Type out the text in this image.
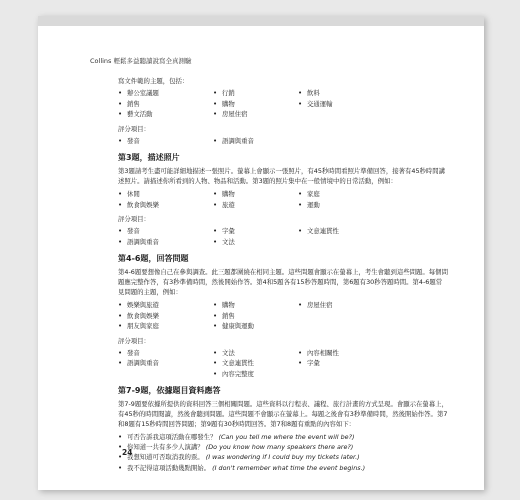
Collins 輕鬆多益聽讀說寫全真測驗
寫文件範的主題，包括：
• 辦公室議題	• 行銷	• 飲料
• 銷售	• 購物	• 交通運輸
• 藝文活動	• 房屋住宿
評分項目：
• 發音	• 語調與重音
第3題，描述照片
第3題請考生盡可能詳細地描述一張照片。螢幕上會顯示一張照片，有45秒時間看照片準備回答，接著有45秒時間講述照片。請描述你所看到的人物、物品和活動。第3題的照片集中在一般情境中的日常活動，例如：
• 休閒	• 購物	• 家庭
• 飲食與娛樂	• 旅遊	• 運動
評分項目：
• 發音	• 字彙	• 文意連貫性
• 語調與重音	• 文法
第4-6題，回答問題
第4-6題要想像自己在參與調查。此三題都圍繞在相同主題。這些問題會顯示在螢幕上，考生會聽到這些問題。每個問題應完整作答，有3秒準備時間，然後開始作答。第4和5題各有15秒答題時間，第6題有30秒答題時間。第4-6題常見問題的主題，例如：
• 娛樂與旅遊	• 購物	• 房屋住宿
• 飲食與娛樂	• 銷售
• 朋友與家庭	• 健康與運動
評分項目：
• 發音	• 文法	• 內容相關性
• 語調與重音	• 文意連貫性	• 字彙
• 內容完整度
第7-9題，依據題目資料應答
第7-9題要依據所提供的資料回答三個相關問題。這些資料以行程表、議程、旅行計畫的方式呈現。會顯示在螢幕上，有45秒的時間閱讀，然後會聽到問題。這些問題不會顯示在螢幕上。每題之後會有3秒準備時間，然後開始作答。第7和8題有15秒時間回答問題；第9題有30秒時間回答。第7和8題有重點的內容如下：
• 可否告訴我這項活動在哪發生？ (Can you tell me where the event will be?)
• 你知道一共有多少人演講？ (Do you know how many speakers there are?)
• 我想知道可否取消我的票。 (I was wondering if I could buy my tickets later.)
• 我不記得這項活動幾點開始。 (I don't remember what time the event begins.)
24
